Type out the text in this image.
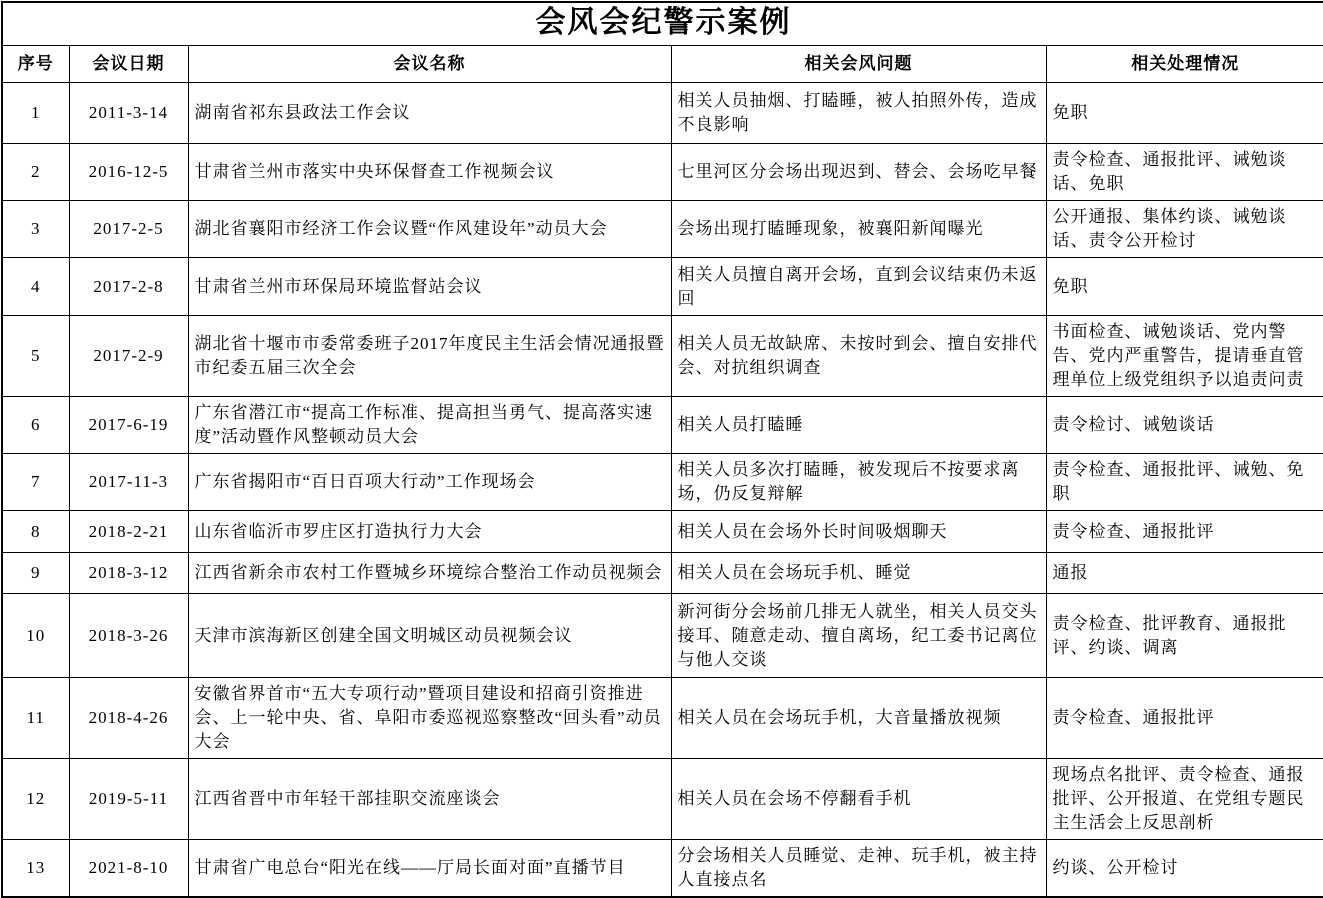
会风会纪警示案例				
序号	会议日期	会议名称	相关会风问题	相关处理情况
1	2011-3-14	湖南省祁东县政法工作会议	相关人员抽烟、打瞌睡，被人拍照外传，造成不良影响	免职
2	2016-12-5	甘肃省兰州市落实中央环保督查工作视频会议	七里河区分会场出现迟到、替会、会场吃早餐	责令检查、通报批评、诫勉谈话、免职
3	2017-2-5	湖北省襄阳市经济工作会议暨“作风建设年”动员大会	会场出现打瞌睡现象，被襄阳新闻曝光	公开通报、集体约谈、诫勉谈话、责令公开检讨
4	2017-2-8	甘肃省兰州市环保局环境监督站会议	相关人员擅自离开会场，直到会议结束仍未返回	免职
5	2017-2-9	湖北省十堰市市委常委班子2017年度民主生活会情况通报暨市纪委五届三次全会	相关人员无故缺席、未按时到会、擅自安排代会、对抗组织调查	书面检查、诫勉谈话、党内警告、党内严重警告，提请垂直管理单位上级党组织予以追责问责
6	2017-6-19	广东省潜江市“提高工作标准、提高担当勇气、提高落实速度”活动暨作风整顿动员大会	相关人员打瞌睡	责令检讨、诫勉谈话
7	2017-11-3	广东省揭阳市“百日百项大行动”工作现场会	相关人员多次打瞌睡，被发现后不按要求离场，仍反复辩解	责令检查、通报批评、诫勉、免职
8	2018-2-21	山东省临沂市罗庄区打造执行力大会	相关人员在会场外长时间吸烟聊天	责令检查、通报批评
9	2018-3-12	江西省新余市农村工作暨城乡环境综合整治工作动员视频会	相关人员在会场玩手机、睡觉	通报
10	2018-3-26	天津市滨海新区创建全国文明城区动员视频会议	新河街分会场前几排无人就坐，相关人员交头接耳、随意走动、擅自离场，纪工委书记离位与他人交谈	责令检查、批评教育、通报批评、约谈、调离
11	2018-4-26	安徽省界首市“五大专项行动”暨项目建设和招商引资推进会、上一轮中央、省、阜阳市委巡视巡察整改“回头看”动员大会	相关人员在会场玩手机，大音量播放视频	责令检查、通报批评
12	2019-5-11	江西省晋中市年轻干部挂职交流座谈会	相关人员在会场不停翻看手机	现场点名批评、责令检查、通报批评、公开报道、在党组专题民主生活会上反思剖析
13	2021-8-10	甘肃省广电总台“阳光在线——厅局长面对面”直播节目	分会场相关人员睡觉、走神、玩手机，被主持人直接点名	约谈、公开检讨
